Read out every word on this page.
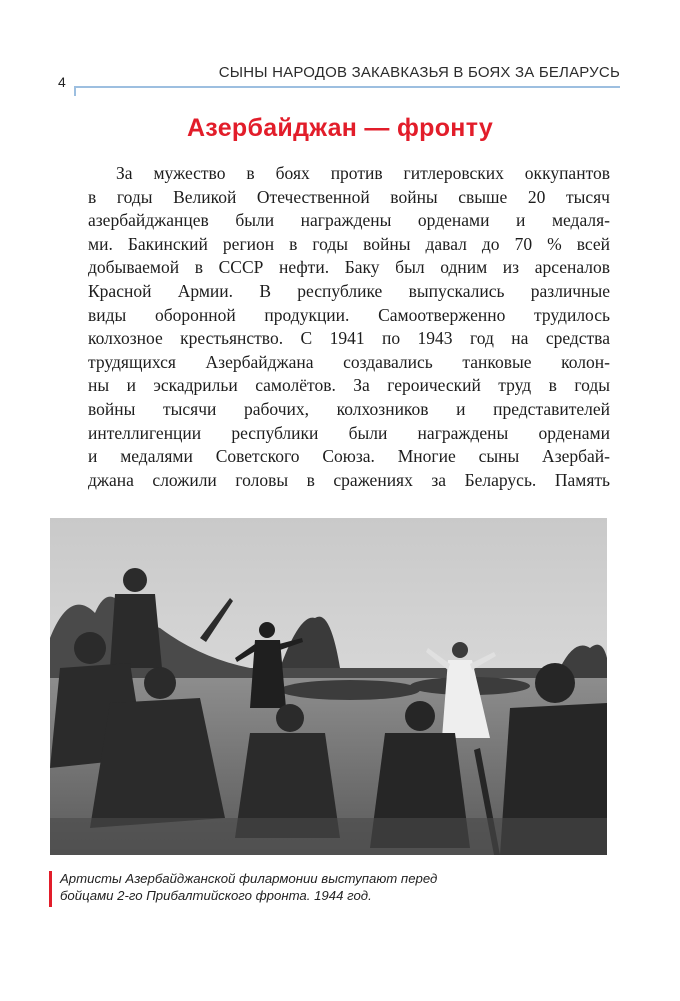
4
СЫНЫ НАРОДОВ ЗАКАВКАЗЬЯ В БОЯХ ЗА БЕЛАРУСЬ
Азербайджан — фронту
За мужество в боях против гитлеровских оккупантов
в годы Великой Отечественной войны свыше 20 тысяч
азербайджанцев были награждены орденами и медаля-
ми. Бакинский регион в годы войны давал до 70 % всей
добываемой в СССР нефти. Баку был одним из арсеналов
Красной Армии. В республике выпускались различные
виды оборонной продукции. Самоотверженно трудилось
колхозное крестьянство. С 1941 по 1943 год на средства
трудящихся Азербайджана создавались танковые колон-
ны и эскадрильи самолётов. За героический труд в годы
войны тысячи рабочих, колхозников и представителей
интеллигенции республики были награждены орденами
и медалями Советского Союза. Многие сыны Азербай-
джана сложили головы в сражениях за Беларусь. Память
Артисты Азербайджанской филармонии выступают перед
бойцами 2-го Прибалтийского фронта. 1944 год.
